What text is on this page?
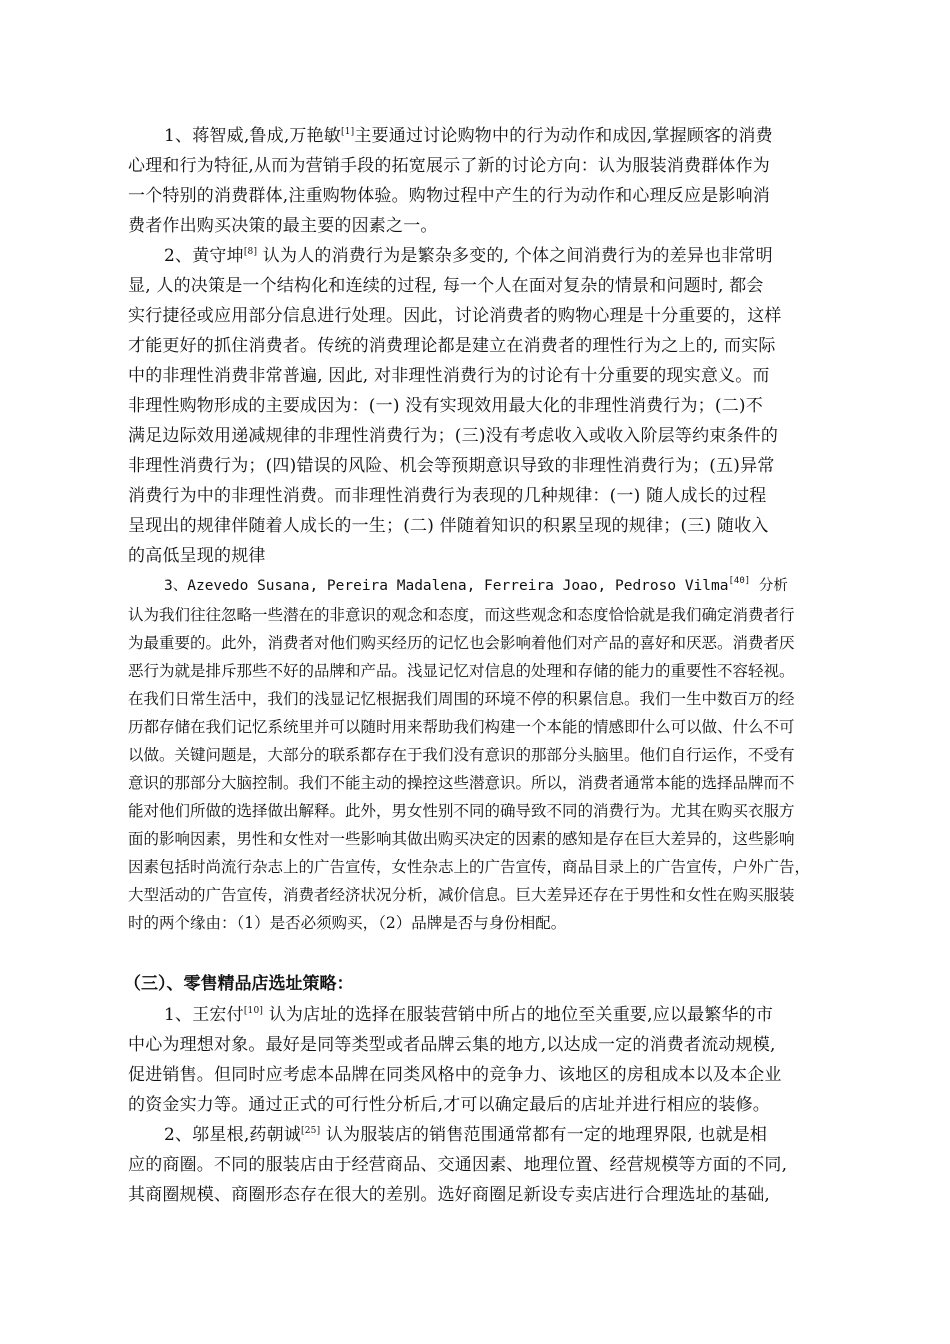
1、蒋智威,鲁成,万艳敏[1]主要通过讨论购物中的行为动作和成因,掌握顾客的消费
心理和行为特征,从而为营销手段的拓宽展示了新的讨论方向：认为服装消费群体作为
一个特别的消费群体,注重购物体验。购物过程中产生的行为动作和心理反应是影响消
费者作出购买决策的最主要的因素之一。
2、黄守坤[8] 认为人的消费行为是繁杂多变的, 个体之间消费行为的差异也非常明
显, 人的决策是一个结构化和连续的过程, 每一个人在面对复杂的情景和问题时, 都会
实行捷径或应用部分信息进行处理。因此，讨论消费者的购物心理是十分重要的，这样
才能更好的抓住消费者。传统的消费理论都是建立在消费者的理性行为之上的, 而实际
中的非理性消费非常普遍, 因此, 对非理性消费行为的讨论有十分重要的现实意义。而
非理性购物形成的主要成因为：(一) 没有实现效用最大化的非理性消费行为；(二)不
满足边际效用递减规律的非理性消费行为；(三)没有考虑收入或收入阶层等约束条件的
非理性消费行为；(四)错误的风险、机会等预期意识导致的非理性消费行为；(五)异常
消费行为中的非理性消费。而非理性消费行为表现的几种规律：(一) 随人成长的过程
呈现出的规律伴随着人成长的一生；(二) 伴随着知识的积累呈现的规律；(三) 随收入
的高低呈现的规律
3、Azevedo Susana, Pereira Madalena, Ferreira Joao, Pedroso Vilma[40] 分析
认为我们往往忽略一些潜在的非意识的观念和态度，而这些观念和态度恰恰就是我们确定消费者行
为最重要的。此外，消费者对他们购买经历的记忆也会影响着他们对产品的喜好和厌恶。消费者厌
恶行为就是排斥那些不好的品牌和产品。浅显记忆对信息的处理和存储的能力的重要性不容轻视。
在我们日常生活中，我们的浅显记忆根据我们周围的环境不停的积累信息。我们一生中数百万的经
历都存储在我们记忆系统里并可以随时用来帮助我们构建一个本能的情感即什么可以做、什么不可
以做。关键问题是，大部分的联系都存在于我们没有意识的那部分头脑里。他们自行运作，不受有
意识的那部分大脑控制。我们不能主动的操控这些潜意识。所以，消费者通常本能的选择品牌而不
能对他们所做的选择做出解释。此外，男女性别不同的确导致不同的消费行为。尤其在购买衣服方
面的影响因素，男性和女性对一些影响其做出购买决定的因素的感知是存在巨大差异的，这些影响
因素包括时尚流行杂志上的广告宣传，女性杂志上的广告宣传，商品目录上的广告宣传，户外广告，
大型活动的广告宣传，消费者经济状况分析，减价信息。巨大差异还存在于男性和女性在购买服装
时的两个缘由：（1）是否必须购买，（2）品牌是否与身份相配。
（三）、零售精品店选址策略：
1、王宏付[10] 认为店址的选择在服装营销中所占的地位至关重要,应以最繁华的市
中心为理想对象。最好是同等类型或者品牌云集的地方,以达成一定的消费者流动规模,
促进销售。但同时应考虑本品牌在同类风格中的竞争力、该地区的房租成本以及本企业
的资金实力等。通过正式的可行性分析后,才可以确定最后的店址并进行相应的装修。
2、邬星根,药朝诚[25] 认为服装店的销售范围通常都有一定的地理界限, 也就是相
应的商圈。不同的服装店由于经营商品、交通因素、地理位置、经营规模等方面的不同,
其商圈规模、商圈形态存在很大的差别。选好商圈足新设专卖店进行合理选址的基础,
